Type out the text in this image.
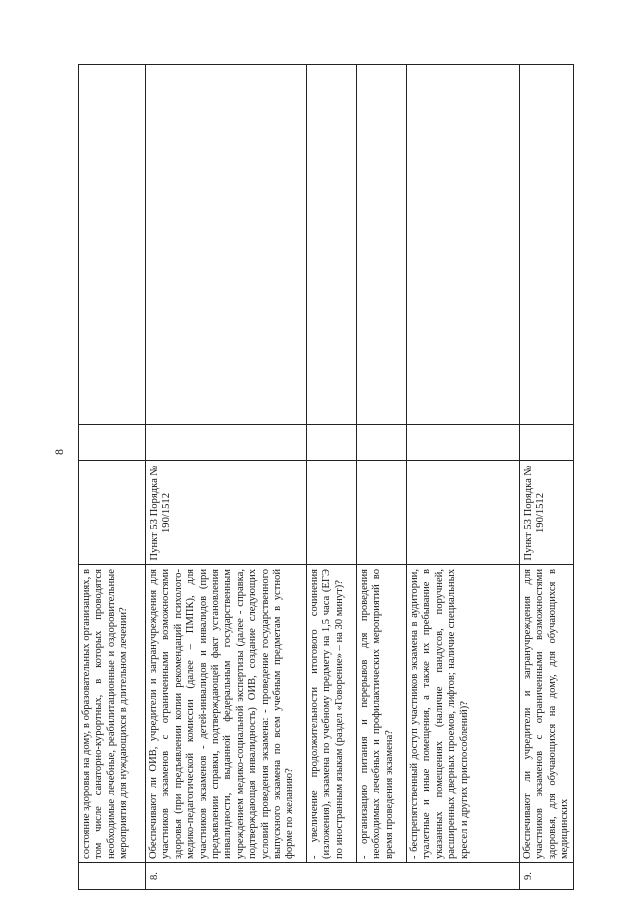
8
состояние здоровья на дому, в образовательных организациях, в том числе санаторно-курортных, в которых проводятся необходимые лечебные, реабилитационные и оздоровительные мероприятия для нуждающихся в длительном лечении?
8.
Обеспечивают ли ОИВ, учредители и загранучреждения для участников экзаменов с ограниченными возможностями здоровья (при предъявлении копии рекомендаций психолого-медико-педагогической комиссии (далее – ПМПК), для участников экзаменов - детей-инвалидов и инвалидов (при предъявлении справки, подтверждающей факт установления инвалидности, выданной федеральным государственным учреждением медико-социальной экспертизы (далее - справка, подтверждающая инвалидность) ОИВ, создание следующих условий проведения экзамена: - проведение государственного выпускного экзамена по всем учебным предметам в устной форме по желанию?
Пункт 53 Порядка № 190/1512
- увеличение продолжительности итогового сочинения (изложения), экзамена по учебному предмету на 1,5 часа (ЕГЭ по иностранным языкам (раздел «Говорение» – на 30 минут)? - организацию питания и перерывов для проведения необходимых лечебных и профилактических мероприятий во время проведения экзамена? - беспрепятственный доступ участников экзамена в аудитории, туалетные и иные помещения, а также их пребывание в указанных помещениях (наличие пандусов, поручней, расширенных дверных проемов, лифтов; наличие специальных кресел и других приспособлений)?
9.
Обеспечивают ли учредители и загранучреждения для участников экзаменов с ограниченными возможностями здоровья, для обучающихся на дому, для обучающихся в медицинских
Пункт 53 Порядка № 190/1512
